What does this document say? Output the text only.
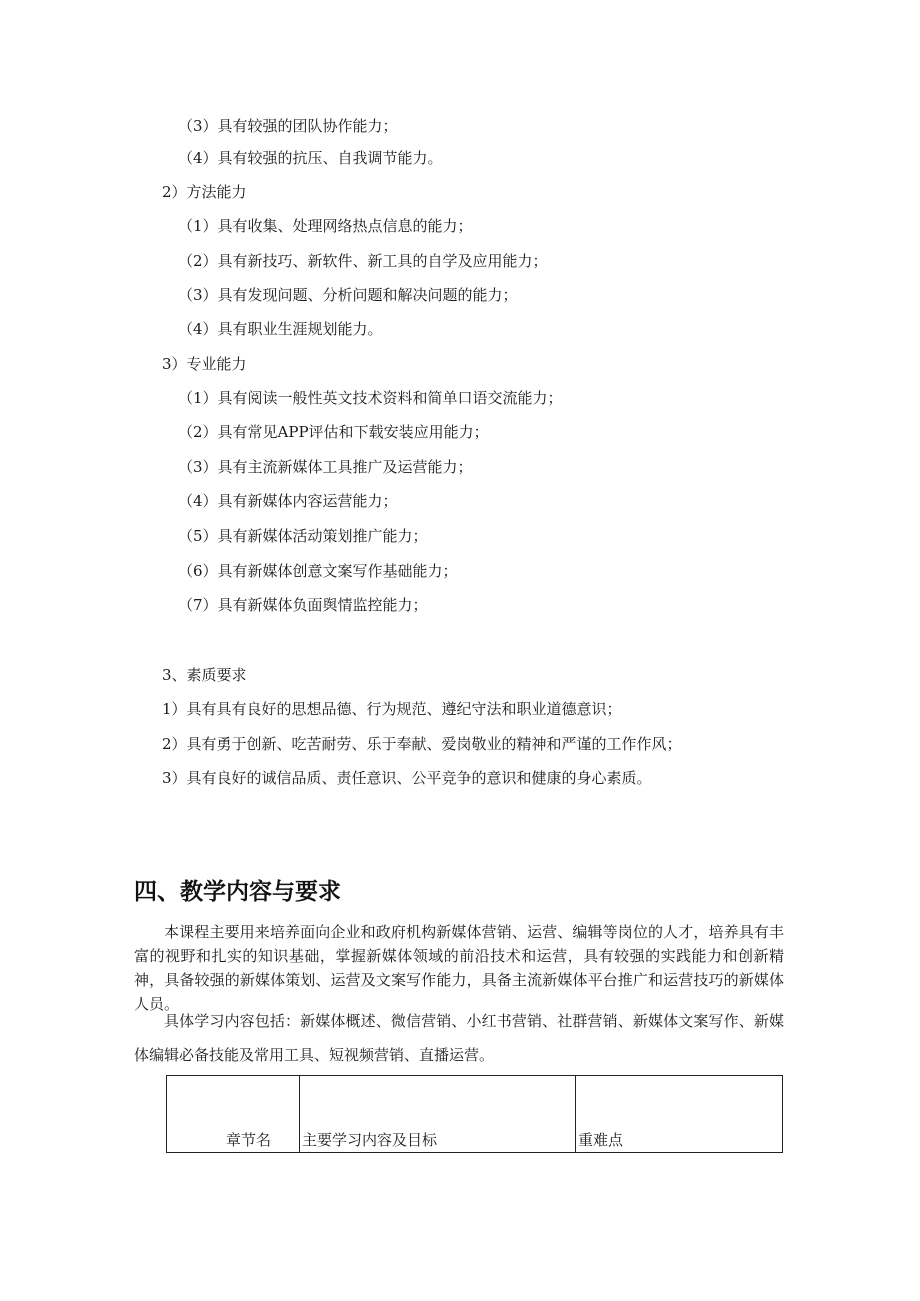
（3）具有较强的团队协作能力；
（4）具有较强的抗压、自我调节能力。
2）方法能力
（1）具有收集、处理网络热点信息的能力；
（2）具有新技巧、新软件、新工具的自学及应用能力；
（3）具有发现问题、分析问题和解决问题的能力；
（4）具有职业生涯规划能力。
3）专业能力
（1）具有阅读一般性英文技术资料和简单口语交流能力；
（2）具有常见APP评估和下载安装应用能力；
（3）具有主流新媒体工具推广及运营能力；
（4）具有新媒体内容运营能力；
（5）具有新媒体活动策划推广能力；
（6）具有新媒体创意文案写作基础能力；
（7）具有新媒体负面舆情监控能力；
3、素质要求
1）具有具有良好的思想品德、行为规范、遵纪守法和职业道德意识；
2）具有勇于创新、吃苦耐劳、乐于奉献、爱岗敬业的精神和严谨的工作作风；
3）具有良好的诚信品质、责任意识、公平竞争的意识和健康的身心素质。
四、教学内容与要求
本课程主要用来培养面向企业和政府机构新媒体营销、运营、编辑等岗位的人才，培养具有丰富的视野和扎实的知识基础，掌握新媒体领域的前沿技术和运营，具有较强的实践能力和创新精神，具备较强的新媒体策划、运营及文案写作能力，具备主流新媒体平台推广和运营技巧的新媒体人员。
具体学习内容包括：新媒体概述、微信营销、小红书营销、社群营销、新媒体文案写作、新媒体编辑必备技能及常用工具、短视频营销、直播运营。
章节名	主要学习内容及目标	重难点
